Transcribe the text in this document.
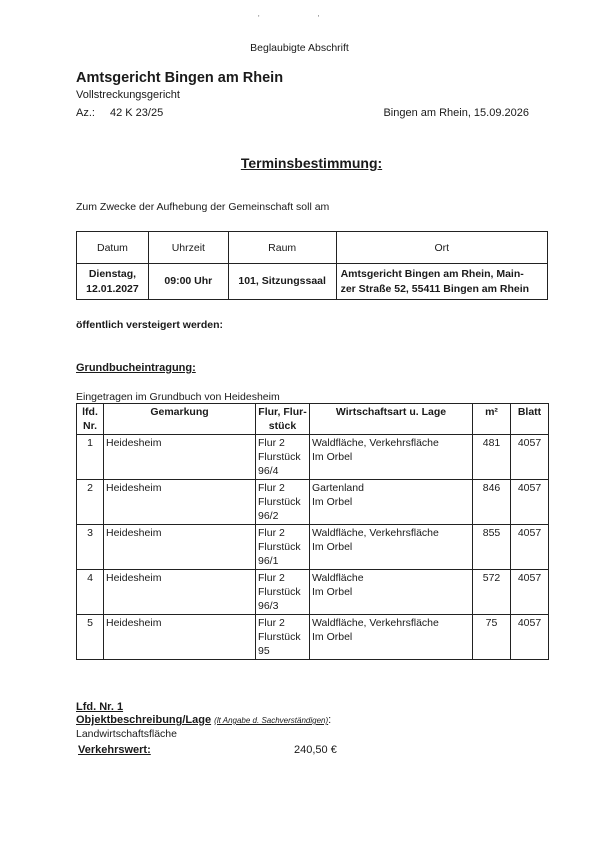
' '
Beglaubigte Abschrift
Amtsgericht Bingen am Rhein
Vollstreckungsgericht
Az.: 42 K 23/25	Bingen am Rhein, 15.09.2026
Terminsbestimmung:
Zum Zwecke der Aufhebung der Gemeinschaft soll am
Datum	Uhrzeit	Raum	Ort
Dienstag,
12.01.2027	09:00 Uhr	101, Sitzungssaal	Amtsgericht Bingen am Rhein, Main-
zer Straße 52, 55411 Bingen am Rhein
öffentlich versteigert werden:
Grundbucheintragung:
Eingetragen im Grundbuch von Heidesheim
lfd.
Nr.	Gemarkung	Flur, Flur-
stück	Wirtschaftsart u. Lage	m²	Blatt
1	Heidesheim	Flur 2
Flurstück
96/4	Waldfläche, Verkehrsfläche
Im Orbel	481	4057
2	Heidesheim	Flur 2
Flurstück
96/2	Gartenland
Im Orbel	846	4057
3	Heidesheim	Flur 2
Flurstück
96/1	Waldfläche, Verkehrsfläche
Im Orbel	855	4057
4	Heidesheim	Flur 2
Flurstück
96/3	Waldfläche
Im Orbel	572	4057
5	Heidesheim	Flur 2
Flurstück
95	Waldfläche, Verkehrsfläche
Im Orbel	75	4057
Lfd. Nr. 1
Objektbeschreibung/Lage (lt Angabe d. Sachverständigen):
Landwirtschaftsfläche
Verkehrswert:	240,50 €
